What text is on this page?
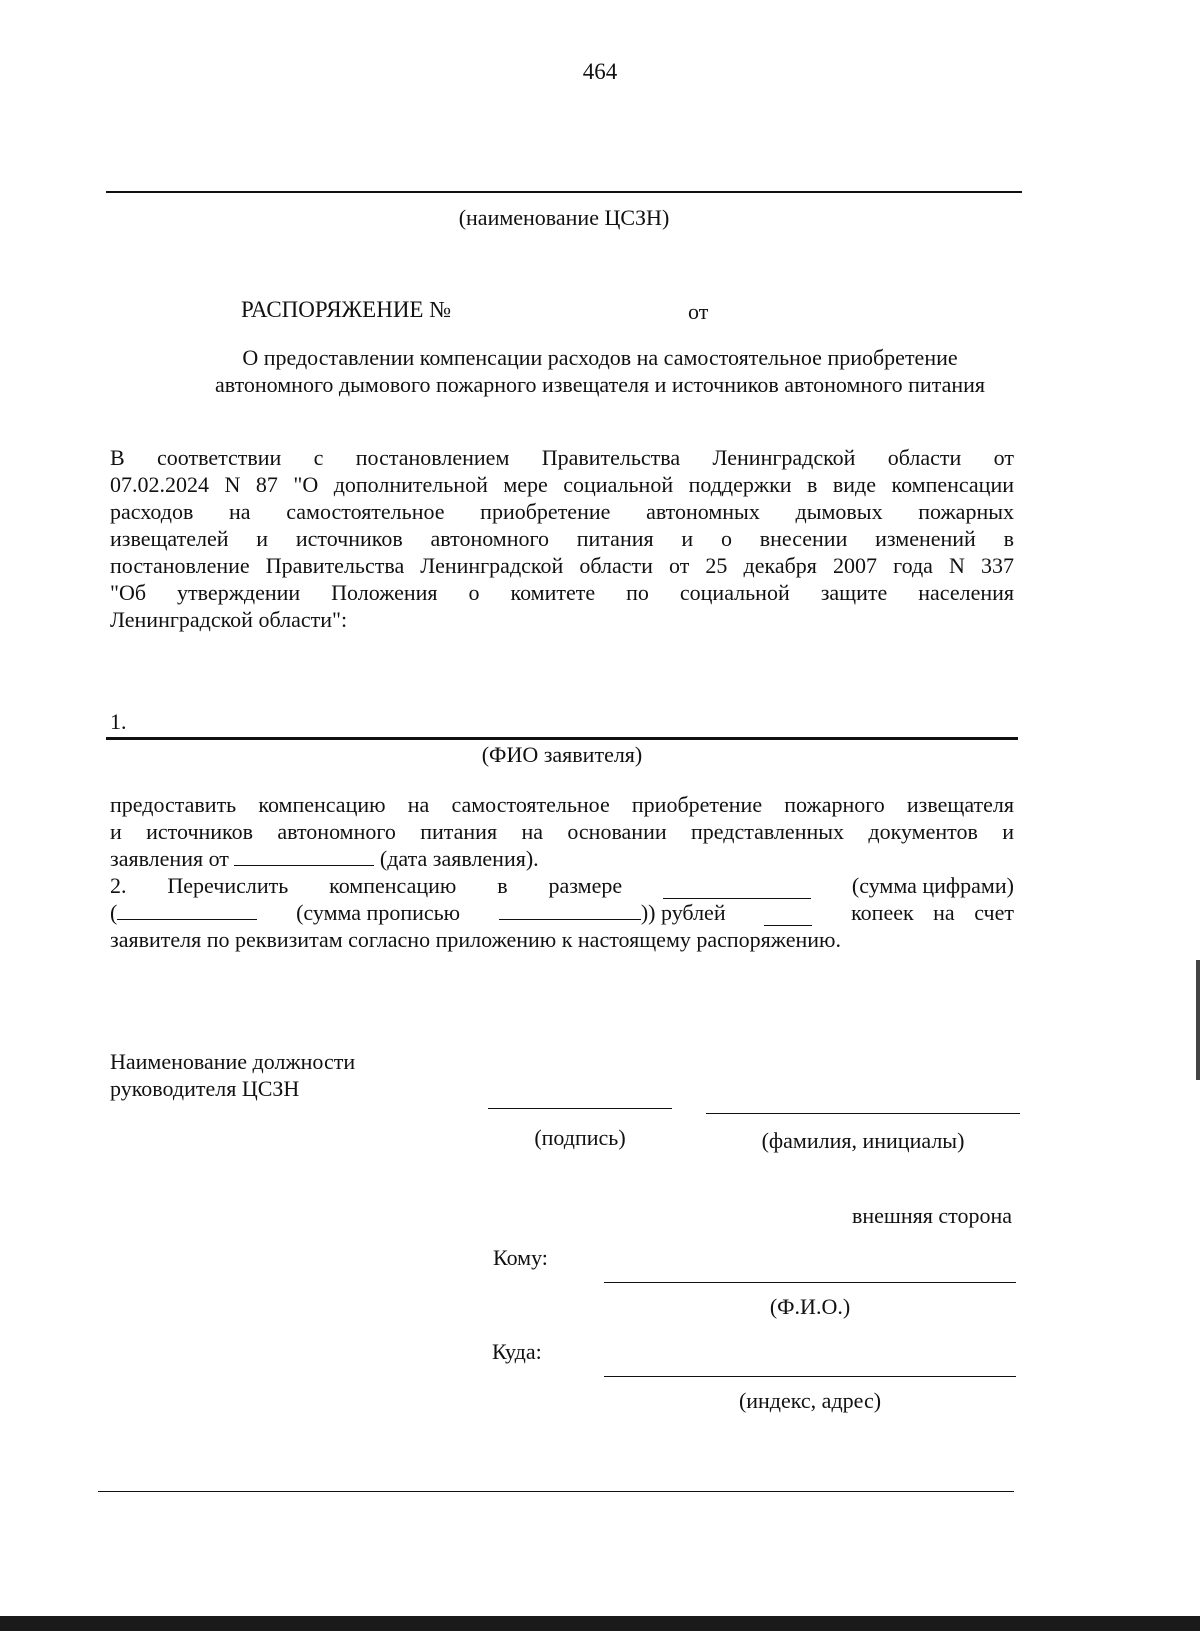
464
(наименование ЦСЗН)
РАСПОРЯЖЕНИЕ №	от
О предоставлении компенсации расходов на самостоятельное приобретение
автономного дымового пожарного извещателя и источников автономного питания
В соответствии с постановлением Правительства Ленинградской области от
07.02.2024 N 87 "О дополнительной мере социальной поддержки в виде компенсации
расходов на самостоятельное приобретение автономных дымовых пожарных
извещателей и источников автономного питания и о внесении изменений в
постановление Правительства Ленинградской области от 25 декабря 2007 года N 337
"Об утверждении Положения о комитете по социальной защите населения
Ленинградской области":
1.
(ФИО заявителя)
предоставить компенсацию на самостоятельное приобретение пожарного извещателя
и источников автономного питания на основании представленных документов и
заявления от	(дата заявления).
2. Перечислить компенсацию в размере	(сумма цифрами)
(	(сумма прописью	)) рублей	копеек на счет
заявителя по реквизитам согласно приложению к настоящему распоряжению.
Наименование должности
руководителя ЦСЗН
(подпись)	(фамилия, инициалы)
внешняя сторона
Кому:
(Ф.И.О.)
Куда:
(индекс, адрес)
